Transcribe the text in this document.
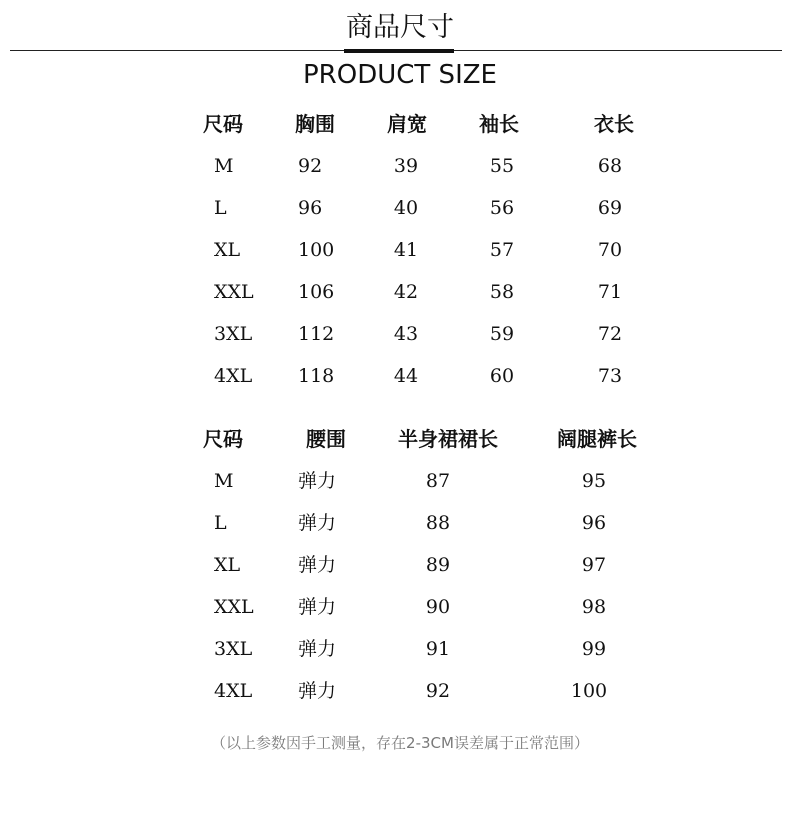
商品尺寸
PRODUCT SIZE
尺码	胸围	肩宽	袖长	衣长
M	92	39	55	68
L	96	40	56	69
XL	100	41	57	70
XXL 106	42	58	71
3XL 112	43	59	72
4XL 118	44	60	73
尺码	腰围	半身裙裙长	阔腿裤长
M	弹力	87	95
L	弹力	88	96
XL	弹力	89	97
XXL 弹力	90	98
3XL 弹力	91	99
4XL 弹力	92	100
（以上参数因手工测量，存在2-3CM误差属于正常范围）
